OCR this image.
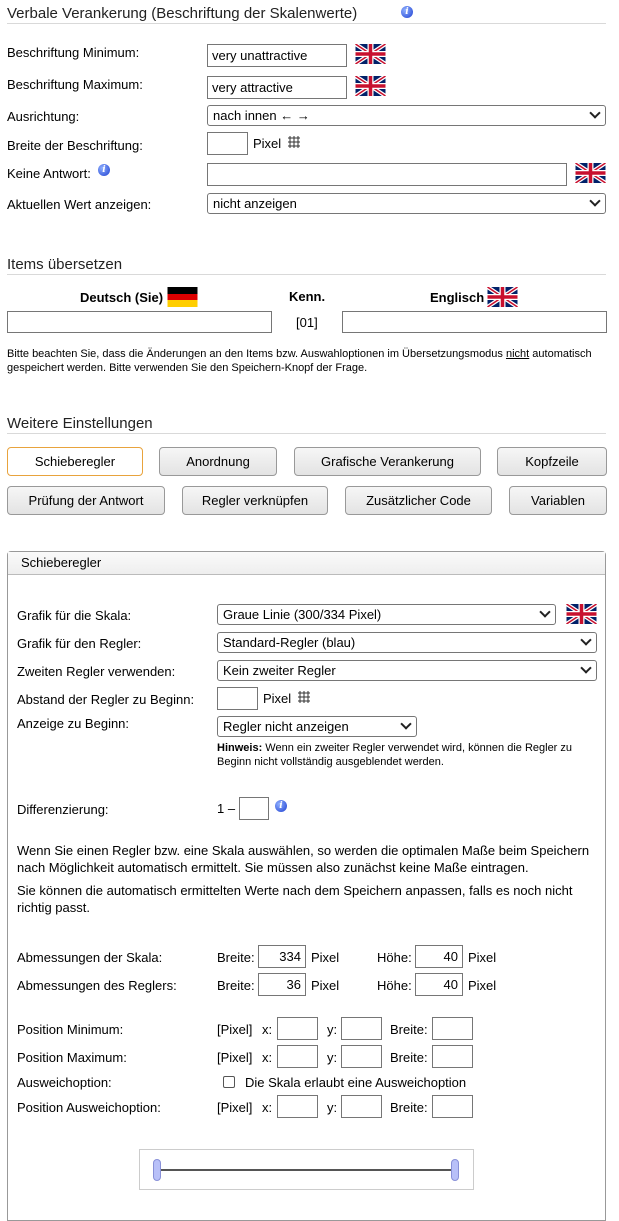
Verbale Verankerung (Beschriftung der Skalenwerte)	i
Beschriftung Minimum:	very unattractive
Beschriftung Maximum:	very attractive
Ausrichtung:	nach innen ← →
Breite der Beschriftung:	Pixel
Keine Antwort:	i
Aktuellen Wert anzeigen:	nicht anzeigen
Items übersetzen
Deutsch (Sie)	Kenn.	Englisch
[01]
Bitte beachten Sie, dass die Änderungen an den Items bzw. Auswahloptionen im Übersetzungsmodus nicht automatisch
gespeichert werden. Bitte verwenden Sie den Speichern-Knopf der Frage.
Weitere Einstellungen
Schieberegler	Anordnung	Grafische Verankerung	Kopfzeile
Prüfung der Antwort	Regler verknüpfen	Zusätzlicher Code	Variablen
Schieberegler
Grafik für die Skala:	Graue Linie (300/334 Pixel)
Grafik für den Regler:	Standard-Regler (blau)
Zweiten Regler verwenden:	Kein zweiter Regler
Abstand der Regler zu Beginn:	Pixel
Anzeige zu Beginn:	Regler nicht anzeigen
Hinweis: Wenn ein zweiter Regler verwendet wird, können die Regler zu
Beginn nicht vollständig ausgeblendet werden.
Differenzierung:	1 –	i
Wenn Sie einen Regler bzw. eine Skala auswählen, so werden die optimalen Maße beim Speichern
nach Möglichkeit automatisch ermittelt. Sie müssen also zunächst keine Maße eintragen.
Sie können die automatisch ermittelten Werte nach dem Speichern anpassen, falls es noch nicht
richtig passt.
Abmessungen der Skala:	Breite:	334 Pixel	Höhe:	40 Pixel
Abmessungen des Reglers:	Breite:	36 Pixel	Höhe:	40 Pixel
Position Minimum:	[Pixel] x:	y:	Breite:
Position Maximum:	[Pixel] x:	y:	Breite:
Ausweichoption:	Die Skala erlaubt eine Ausweichoption
Position Ausweichoption:	[Pixel] x:	y:	Breite:
